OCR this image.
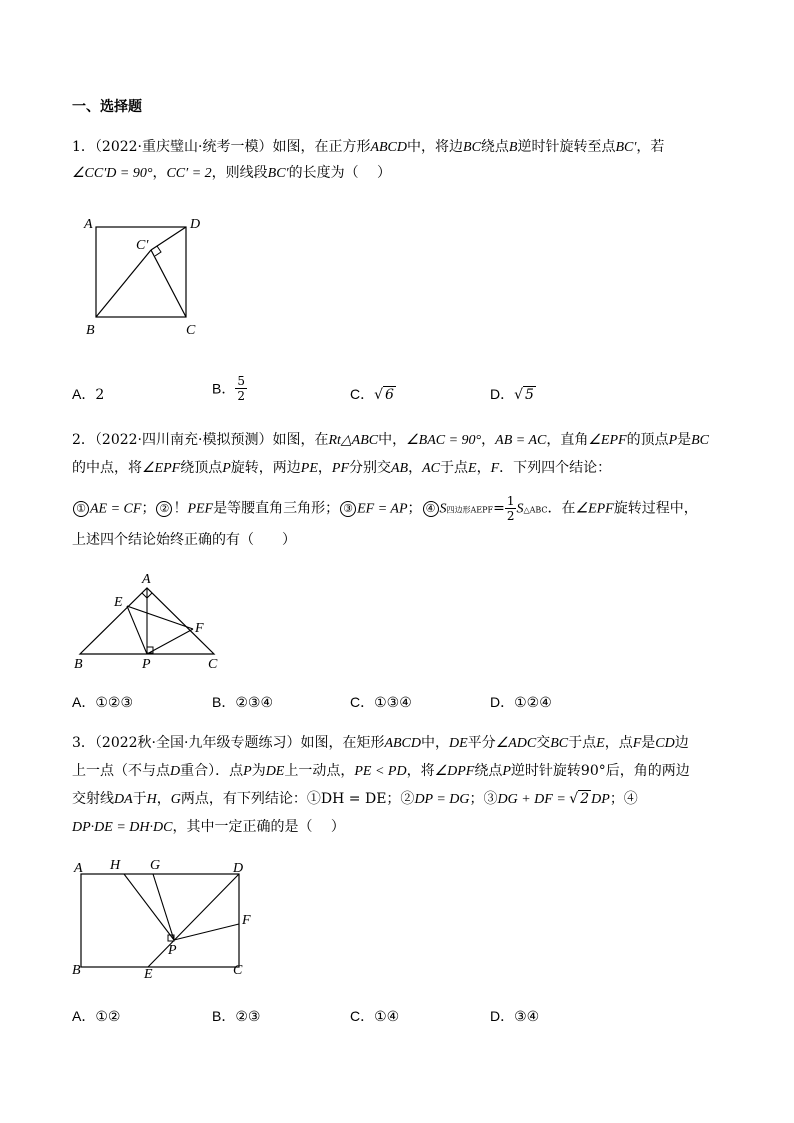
一、选择题
1．（2022·重庆璧山·统考一模）如图，在正方形ABCD中，将边BC绕点B逆时针旋转至点BC′，若
∠CC′D = 90°，CC′ = 2，则线段BC′的长度为（　 ）
A	D
C′
B	C
A．2	B． $\frac{5}{2}$	C．√ 6	D．√ 5
2．（2022·四川南充·模拟预测）如图，在Rt△ABC中，∠BAC = 90°，AB = AC，直角∠EPF的顶点P是BC
的中点，将∠EPF绕顶点P旋转，两边PE，PF分别交AB，AC于点E，F．下列四个结论：
① AE = CF； ② ！PEF是等腰直角三角形； ③ EF = AP； ④ S四边形AEPF= $\frac{1}{2}$ S△ABC．在∠EPF旋转过程中，
上述四个结论始终正确的有（　　）
A
E
F
B	P	C
A．①②③	B．②③④	C．①③④	D．①②④
3．（2022秋·全国·九年级专题练习）如图，在矩形ABCD中，DE平分∠ADC交BC于点E，点F是CD边
上一点（不与点D重合）．点P为DE上一动点，PE < PD，将∠DPF绕点P逆时针旋转90°后，角的两边
交射线DA于H，G两点，有下列结论：①DH = DE；②DP = DG；③DG + DF = √ 2 DP；④
DP·DE = DH·DC，其中一定正确的是（　 ）
A H G	D
F
P
B	E	C
A．①②	B．②③	C．①④	D．③④
